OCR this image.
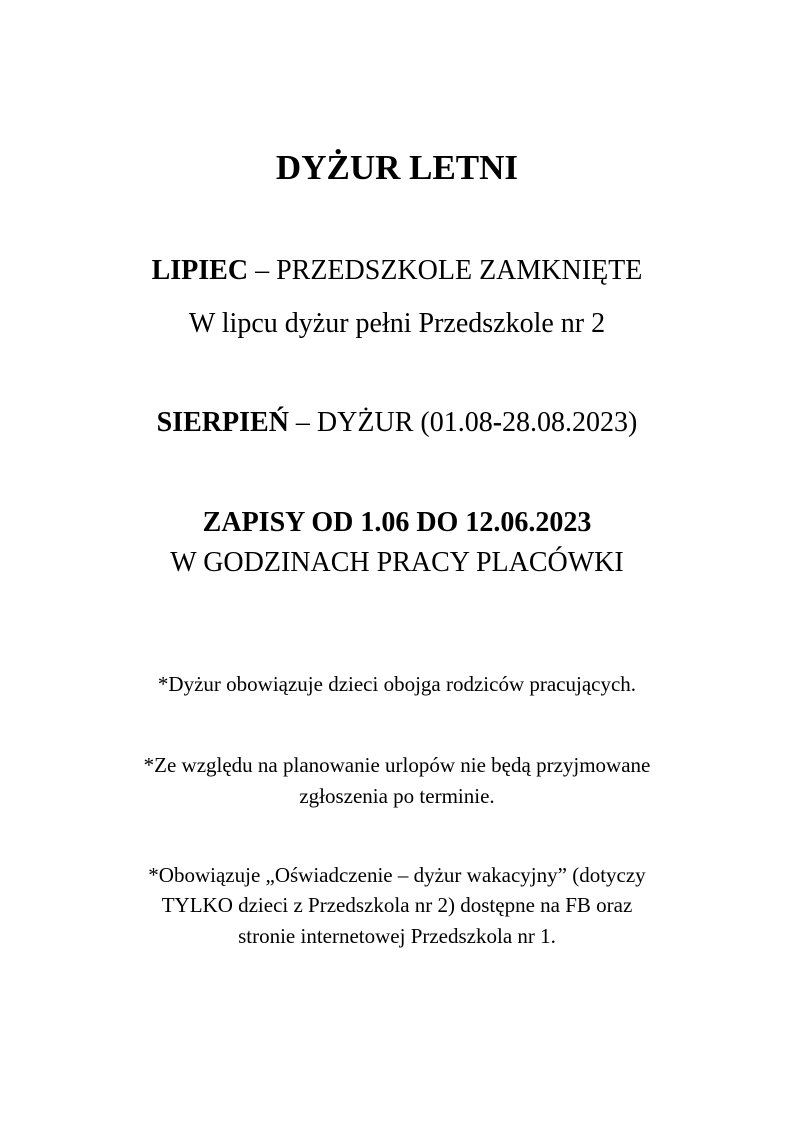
DYŻUR LETNI
LIPIEC – PRZEDSZKOLE ZAMKNIĘTE
W lipcu dyżur pełni Przedszkole nr 2
SIERPIEŃ – DYŻUR (01.08-28.08.2023)
ZAPISY OD 1.06 DO 12.06.2023
W GODZINACH PRACY PLACÓWKI
*Dyżur obowiązuje dzieci obojga rodziców pracujących.
*Ze względu na planowanie urlopów nie będą przyjmowane
zgłoszenia po terminie.
*Obowiązuje „Oświadczenie – dyżur wakacyjny” (dotyczy
TYLKO dzieci z Przedszkola nr 2) dostępne na FB oraz
stronie internetowej Przedszkola nr 1.
